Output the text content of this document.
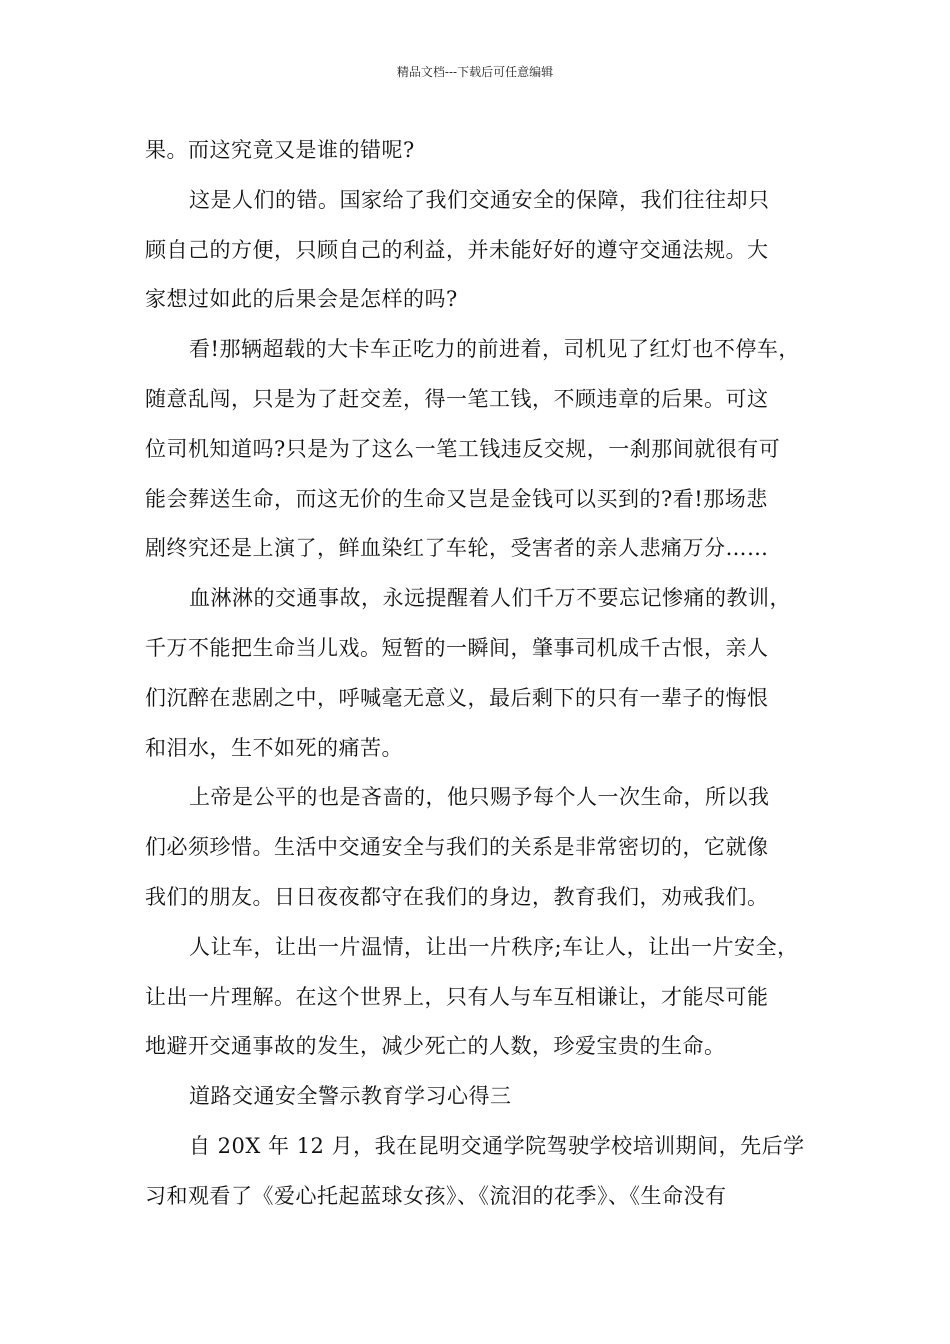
精品文档---下载后可任意编辑
果。而这究竟又是谁的错呢?
这是人们的错。国家给了我们交通安全的保障，我们往往却只
顾自己的方便，只顾自己的利益，并未能好好的遵守交通法规。大
家想过如此的后果会是怎样的吗?
看!那辆超载的大卡车正吃力的前进着，司机见了红灯也不停车，
随意乱闯，只是为了赶交差，得一笔工钱，不顾违章的后果。可这
位司机知道吗?只是为了这么一笔工钱违反交规，一刹那间就很有可
能会葬送生命，而这无价的生命又岂是金钱可以买到的?看!那场悲
剧终究还是上演了，鲜血染红了车轮，受害者的亲人悲痛万分……
血淋淋的交通事故，永远提醒着人们千万不要忘记惨痛的教训，
千万不能把生命当儿戏。短暂的一瞬间，肇事司机成千古恨，亲人
们沉醉在悲剧之中，呼喊毫无意义，最后剩下的只有一辈子的悔恨
和泪水，生不如死的痛苦。
上帝是公平的也是吝啬的，他只赐予每个人一次生命，所以我
们必须珍惜。生活中交通安全与我们的关系是非常密切的，它就像
我们的朋友。日日夜夜都守在我们的身边，教育我们，劝戒我们。
人让车，让出一片温情，让出一片秩序;车让人，让出一片安全，
让出一片理解。在这个世界上，只有人与车互相谦让，才能尽可能
地避开交通事故的发生，减少死亡的人数，珍爱宝贵的生命。
道路交通安全警示教育学习心得三
自 20X 年 12 月，我在昆明交通学院驾驶学校培训期间，先后学
习和观看了《爱心托起蓝球女孩》、《流泪的花季》、《生命没有
